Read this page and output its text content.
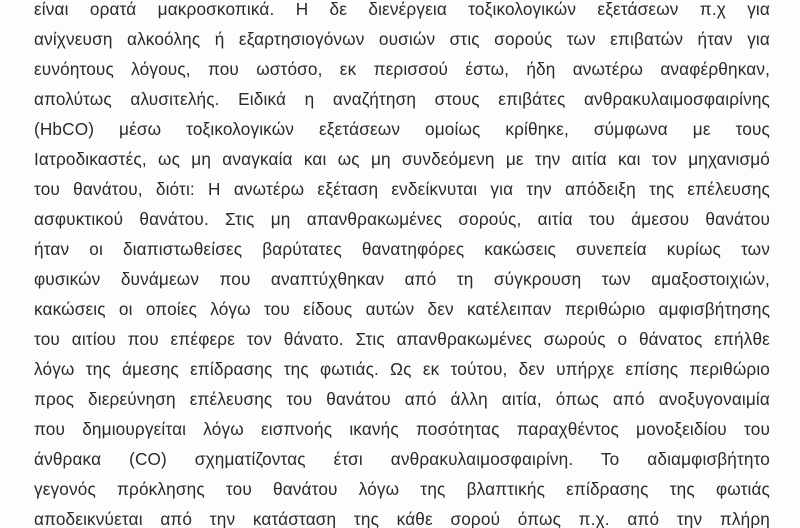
είναι ορατά μακροσκοπικά. Η δε διενέργεια τοξικολογικών εξετάσεων π.χ για
ανίχνευση αλκοόλης ή εξαρτησιογόνων ουσιών στις σορούς των επιβατών ήταν για
ευνόητους λόγους, που ωστόσο, εκ περισσού έστω, ήδη ανωτέρω αναφέρθηκαν,
απολύτως αλυσιτελής. Ειδικά η αναζήτηση στους επιβάτες ανθρακυλαιμοσφαιρίνης
(HbCO) μέσω τοξικολογικών εξετάσεων ομοίως κρίθηκε, σύμφωνα με τους
Ιατροδικαστές, ως μη αναγκαία και ως μη συνδεόμενη με την αιτία και τον μηχανισμό
του θανάτου, διότι: Η ανωτέρω εξέταση ενδείκνυται για την απόδειξη της επέλευσης
ασφυκτικού θανάτου. Στις μη απανθρακωμένες σορούς, αιτία του άμεσου θανάτου
ήταν οι διαπιστωθείσες βαρύτατες θανατηφόρες κακώσεις συνεπεία κυρίως των
φυσικών δυνάμεων που αναπτύχθηκαν από τη σύγκρουση των αμαξοστοιχιών,
κακώσεις οι οποίες λόγω του είδους αυτών δεν κατέλειπαν περιθώριο αμφισβήτησης
του αιτίου που επέφερε τον θάνατο. Στις απανθρακωμένες σωρούς ο θάνατος επήλθε
λόγω της άμεσης επίδρασης της φωτιάς. Ως εκ τούτου, δεν υπήρχε επίσης περιθώριο
προς διερεύνηση επέλευσης του θανάτου από άλλη αιτία, όπως από ανοξυγοναιμία
που δημιουργείται λόγω εισπνοής ικανής ποσότητας παραχθέντος μονοξειδίου του
άνθρακα (CO) σχηματίζοντας έτσι ανθρακυλαιμοσφαιρίνη. Το αδιαμφισβήτητο
γεγονός πρόκλησης του θανάτου λόγω της βλαπτικής επίδρασης της φωτιάς
αποδεικνύεται από την κατάσταση της κάθε σορού όπως π.χ. από την πλήρη
